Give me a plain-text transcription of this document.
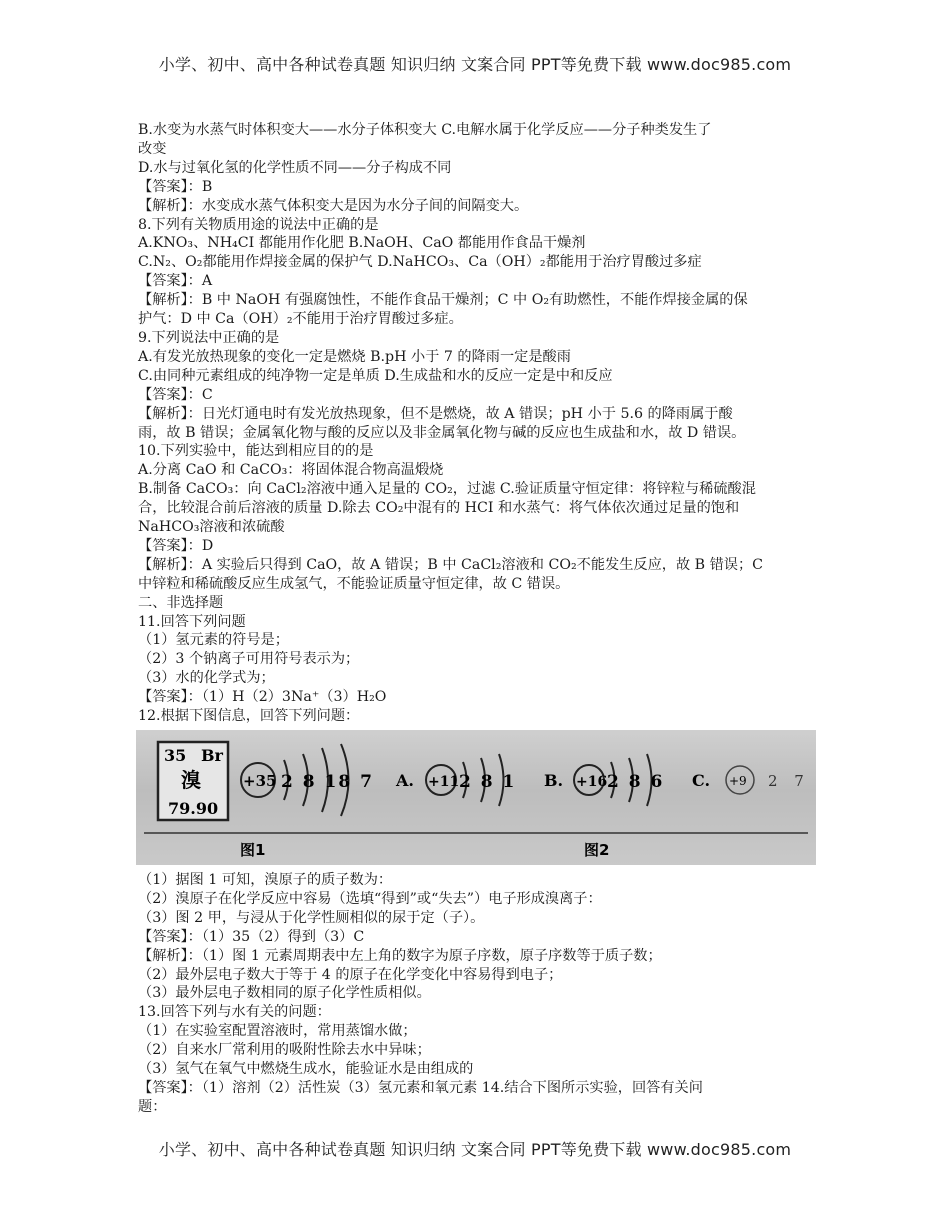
小学、初中、高中各种试卷真题 知识归纳 文案合同 PPT等免费下载 www.doc985.com

B.水变为水蒸气时体积变大——水分子体积变大 C.电解水属于化学反应——分子种类发生了

改变

D.水与过氧化氢的化学性质不同——分子构成不同

【答案】：B

【解析】：水变成水蒸气体积变大是因为水分子间的间隔变大。

8.下列有关物质用途的说法中正确的是

A.KNO₃、NH₄CI 都能用作化肥 B.NaOH、CaO 都能用作食品干燥剂

C.N₂、O₂都能用作焊接金属的保护气 D.NaHCO₃、Ca（OH）₂都能用于治疗胃酸过多症

【答案】：A

【解析】：B 中 NaOH 有强腐蚀性，不能作食品干燥剂；C 中 O₂有助燃性，不能作焊接金属的保

护气：D 中 Ca（OH）₂不能用于治疗胃酸过多症。

9.下列说法中正确的是

A.有发光放热现象的变化一定是燃烧 B.pH 小于 7 的降雨一定是酸雨

C.由同种元素组成的纯净物一定是单质 D.生成盐和水的反应一定是中和反应

【答案】：C

【解析】：日光灯通电时有发光放热现象，但不是燃烧，故 A 错误；pH 小于 5.6 的降雨属于酸

雨，故 B 错误；金属氧化物与酸的反应以及非金属氧化物与碱的反应也生成盐和水，故 D 错误。

10.下列实验中，能达到相应目的的是

A.分离 CaO 和 CaCO₃：将固体混合物高温煅烧

B.制备 CaCO₃：向 CaCl₂溶液中通入足量的 CO₂，过滤 C.验证质量守恒定律：将锌粒与稀硫酸混

合，比较混合前后溶液的质量 D.除去 CO₂中混有的 HCI 和水蒸气：将气体依次通过足量的饱和

NaHCO₃溶液和浓硫酸

【答案】：D

【解析】：A 实验后只得到 CaO，故 A 错误；B 中 CaCl₂溶液和 CO₂不能发生反应，故 B 错误；C

中锌粒和稀硫酸反应生成氢气，不能验证质量守恒定律，故 C 错误。

二、非选择题

11.回答下列问题

（1）氢元素的符号是；

（2）3 个钠离子可用符号表示为；

（3）水的化学式为；

【答案】：（1）H（2）3Na⁺（3）H₂O

12.根据下图信息，回答下列问题：

35 Br
溴
79.90
+35 2 8 18 7 A. +11 2 8 1 B. +16 2 8 6 C. +9 2 7
图1	图2

（1）据图 1 可知，溴原子的质子数为：

（2）溴原子在化学反应中容易（选填“得到”或“失去”）电子形成溴离子：

（3）图 2 甲，与浸从于化学性厕相似的尿于定（子）。

【答案】：（1）35（2）得到（3）C

【解析】：（1）图 1 元素周期表中左上角的数字为原子序数，原子序数等于质子数；

（2）最外层电子数大于等于 4 的原子在化学变化中容易得到电子；

（3）最外层电子数相同的原子化学性质相似。

13.回答下列与水有关的问题：

（1）在实验室配置溶液时，常用蒸馏水做；

（2）自来水厂常利用的吸附性除去水中异味；

（3）氢气在氧气中燃烧生成水，能验证水是由组成的

【答案】：（1）溶剂（2）活性炭（3）氢元素和氧元素 14.结合下图所示实验，回答有关问

题：

小学、初中、高中各种试卷真题 知识归纳 文案合同 PPT等免费下载 www.doc985.com
